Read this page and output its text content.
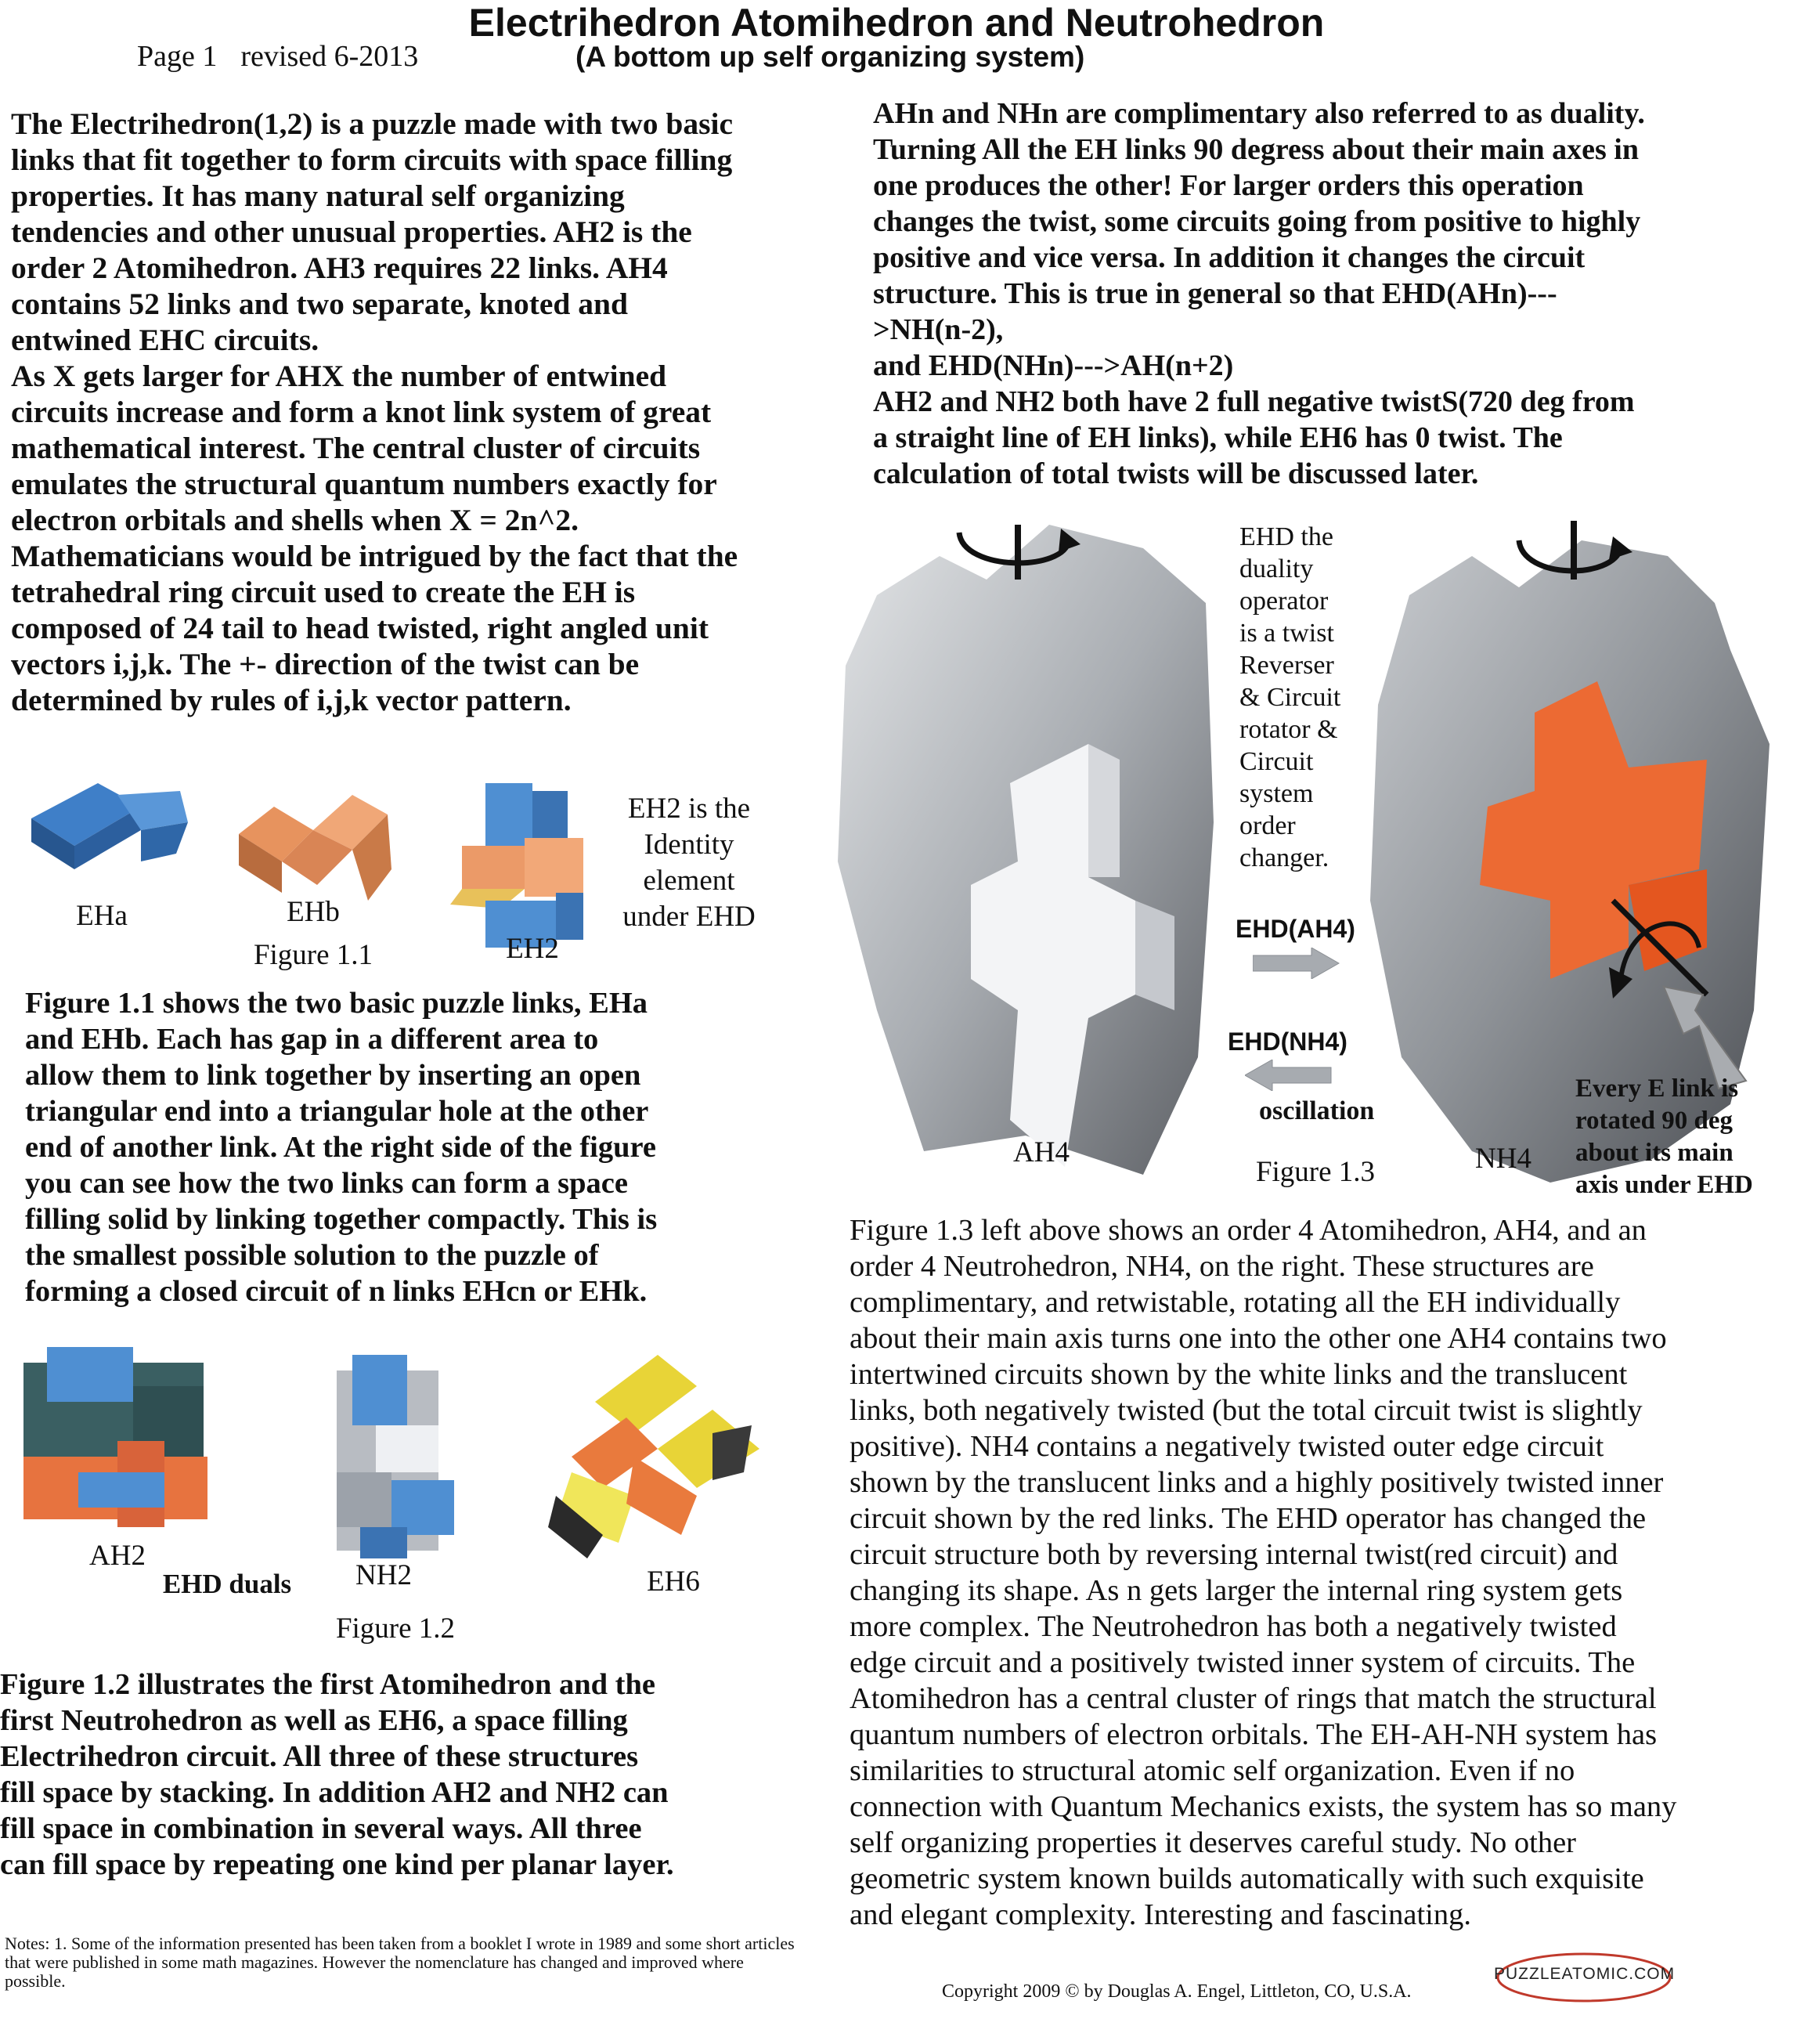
Electrihedron Atomihedron and Neutrohedron
Page 1 revised 6-2013	(A bottom up self organizing system)
The Electrihedron(1,2) is a puzzle made with two basic
links that fit together to form circuits with space filling
properties. It has many natural self organizing
tendencies and other unusual properties. AH2 is the
order 2 Atomihedron. AH3 requires 22 links. AH4
contains 52 links and two separate, knoted and
entwined EHC circuits.
As X gets larger for AHX the number of entwined
circuits increase and form a knot link system of great
mathematical interest. The central cluster of circuits
emulates the structural quantum numbers exactly for
electron orbitals and shells when X = 2n^2.
Mathematicians would be intrigued by the fact that the
tetrahedral ring circuit used to create the EH is
composed of 24 tail to head twisted, right angled unit
vectors i,j,k. The +- direction of the twist can be
determined by rules of i,j,k vector pattern.
AHn and NHn are complimentary also referred to as duality.
Turning All the EH links 90 degress about their main axes in
one produces the other! For larger orders this operation
changes the twist, some circuits going from positive to highly
positive and vice versa. In addition it changes the circuit
structure. This is true in general so that EHD(AHn)---
>NH(n-2),
and EHD(NHn)--->AH(n+2)
AH2 and NH2 both have 2 full negative twistS(720 deg from
a straight line of EH links), while EH6 has 0 twist. The
calculation of total twists will be discussed later.
EHa	EHb
EH2
Figure 1.1
EH2 is the
Identity
element
under EHD
Figure 1.1 shows the two basic puzzle links, EHa
and EHb. Each has gap in a different area to
allow them to link together by inserting an open
triangular end into a triangular hole at the other
end of another link. At the right side of the figure
you can see how the two links can form a space
filling solid by linking together compactly. This is
the smallest possible solution to the puzzle of
forming a closed circuit of n links EHcn or EHk.
AH2
EHD duals	NH2	EH6
Figure 1.2
Figure 1.2 illustrates the first Atomihedron and the
first Neutrohedron as well as EH6, a space filling
Electrihedron circuit. All three of these structures
fill space by stacking. In addition AH2 and NH2 can
fill space in combination in several ways. All three
can fill space by repeating one kind per planar layer.
EHD the
duality
operator
is a twist
Reverser
& Circuit
rotator &
Circuit
system
order
changer.
EHD(AH4)
EHD(NH4)
oscillation
AH4	NH4
Figure 1.3
Every E link is
rotated 90 deg
about its main
axis under EHD
Figure 1.3 left above shows an order 4 Atomihedron, AH4, and an
order 4 Neutrohedron, NH4, on the right. These structures are
complimentary, and retwistable, rotating all the EH individually
about their main axis turns one into the other one AH4 contains two
intertwined circuits shown by the white links and the translucent
links, both negatively twisted (but the total circuit twist is slightly
positive). NH4 contains a negatively twisted outer edge circuit
shown by the translucent links and a highly positively twisted inner
circuit shown by the red links. The EHD operator has changed the
circuit structure both by reversing internal twist(red circuit) and
changing its shape. As n gets larger the internal ring system gets
more complex. The Neutrohedron has both a negatively twisted
edge circuit and a positively twisted inner system of circuits. The
Atomihedron has a central cluster of rings that match the structural
quantum numbers of electron orbitals. The EH-AH-NH system has
similarities to structural atomic self organization. Even if no
connection with Quantum Mechanics exists, the system has so many
self organizing properties it deserves careful study. No other
geometric system known builds automatically with such exquisite
and elegant complexity. Interesting and fascinating.
Notes: 1. Some of the information presented has been taken from a booklet I wrote in 1989 and some short articles that were published in some math magazines. However the nomenclature has changed and improved where possible.
Copyright 2009 © by Douglas A. Engel, Littleton, CO, U.S.A.
PUZZLEATOMIC.COM
